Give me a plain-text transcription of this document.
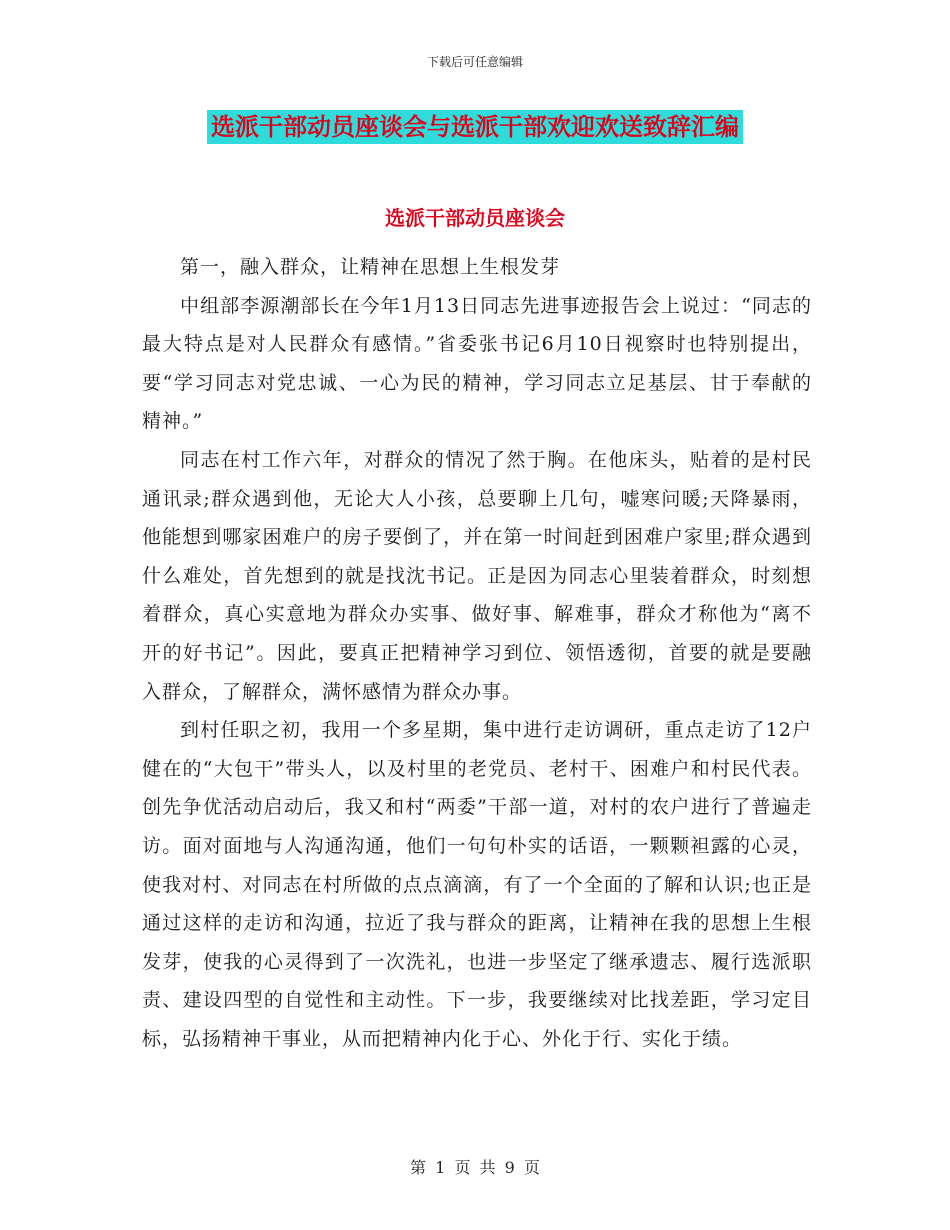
下载后可任意编辑
选派干部动员座谈会与选派干部欢迎欢送致辞汇编
选派干部动员座谈会

第一，融入群众，让精神在思想上生根发芽

中组部李源潮部长在今年1月13日同志先进事迹报告会上说过：“同志的最大特点是对人民群众有感情。”省委张书记6月10日视察时也特别提出，要“学习同志对党忠诚、一心为民的精神，学习同志立足基层、甘于奉献的精神。”

同志在村工作六年，对群众的情况了然于胸。在他床头，贴着的是村民通讯录;群众遇到他，无论大人小孩，总要聊上几句，嘘寒问暖;天降暴雨，他能想到哪家困难户的房子要倒了，并在第一时间赶到困难户家里;群众遇到什么难处，首先想到的就是找沈书记。正是因为同志心里装着群众，时刻想着群众，真心实意地为群众办实事、做好事、解难事，群众才称他为“离不开的好书记”。因此，要真正把精神学习到位、领悟透彻，首要的就是要融入群众，了解群众，满怀感情为群众办事。

到村任职之初，我用一个多星期，集中进行走访调研，重点走访了12户健在的“大包干”带头人，以及村里的老党员、老村干、困难户和村民代表。创先争优活动启动后，我又和村“两委”干部一道，对村的农户进行了普遍走访。面对面地与人沟通沟通，他们一句句朴实的话语，一颗颗袒露的心灵，使我对村、对同志在村所做的点点滴滴，有了一个全面的了解和认识;也正是通过这样的走访和沟通，拉近了我与群众的距离，让精神在我的思想上生根发芽，使我的心灵得到了一次洗礼，也进一步坚定了继承遗志、履行选派职责、建设四型的自觉性和主动性。下一步，我要继续对比找差距，学习定目标，弘扬精神干事业，从而把精神内化于心、外化于行、实化于绩。

第 1 页 共 9 页
